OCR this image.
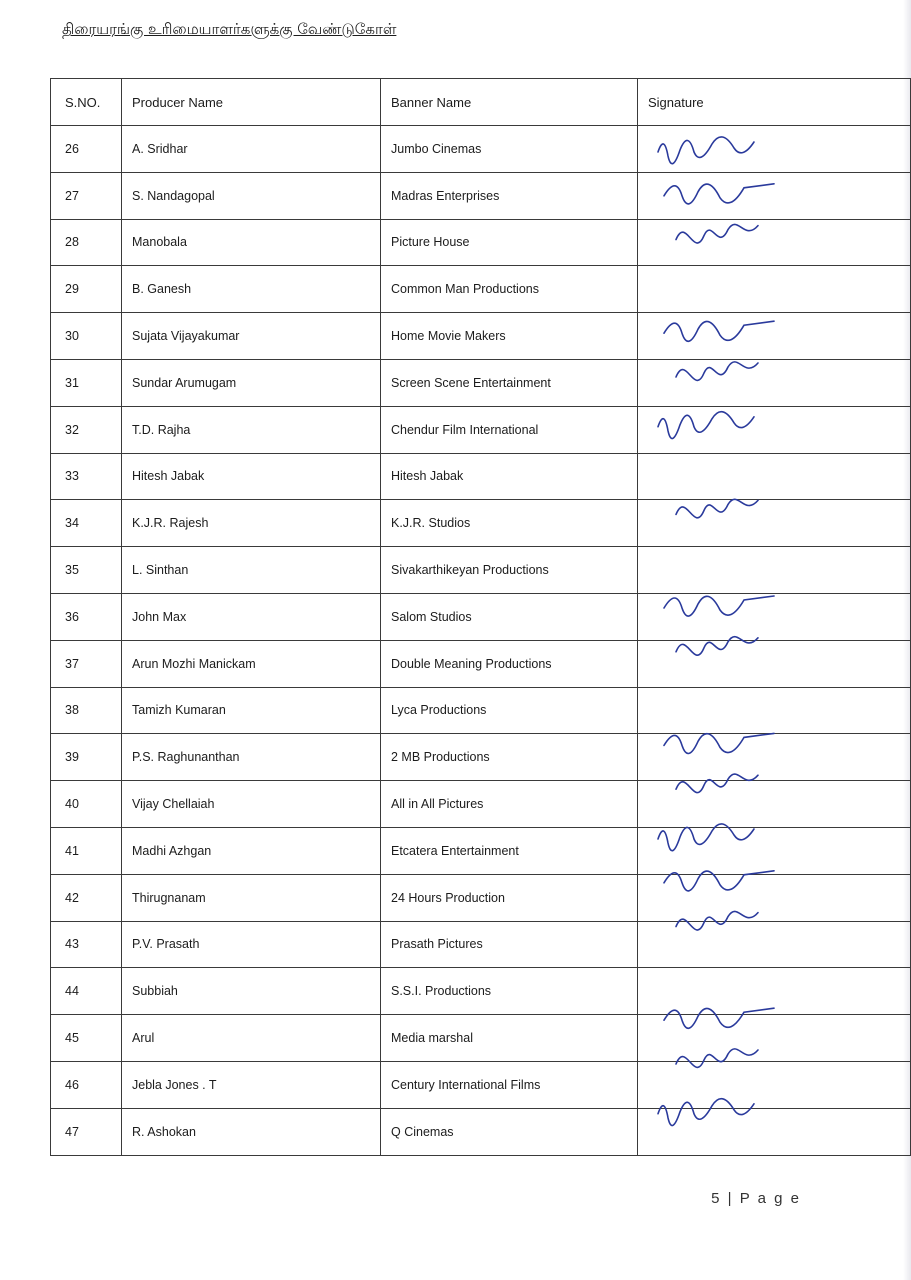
திரையரங்கு உரிமையாளர்களுக்கு வேண்டுகோள்
S.NO.	Producer Name	Banner Name	Signature
26	A. Sridhar	Jumbo Cinemas	
27	S. Nandagopal	Madras Enterprises	
28	Manobala	Picture House	
29	B. Ganesh	Common Man Productions	
30	Sujata Vijayakumar	Home Movie Makers	
31	Sundar Arumugam	Screen Scene Entertainment	
32	T.D. Rajha	Chendur Film International	
33	Hitesh Jabak	Hitesh Jabak	
34	K.J.R. Rajesh	K.J.R. Studios	
35	L. Sinthan	Sivakarthikeyan Productions	
36	John Max	Salom Studios	
37	Arun Mozhi Manickam	Double Meaning Productions	
38	Tamizh Kumaran	Lyca Productions	
39	P.S. Raghunanthan	2 MB Productions	
40	Vijay Chellaiah	All in All Pictures	
41	Madhi Azhgan	Etcatera Entertainment	
42	Thirugnanam	24 Hours Production	
43	P.V. Prasath	Prasath Pictures	
44	Subbiah	S.S.I. Productions	
45	Arul	Media marshal	
46	Jebla Jones . T	Century International Films	
47	R. Ashokan	Q Cinemas	
5 | P a g e
